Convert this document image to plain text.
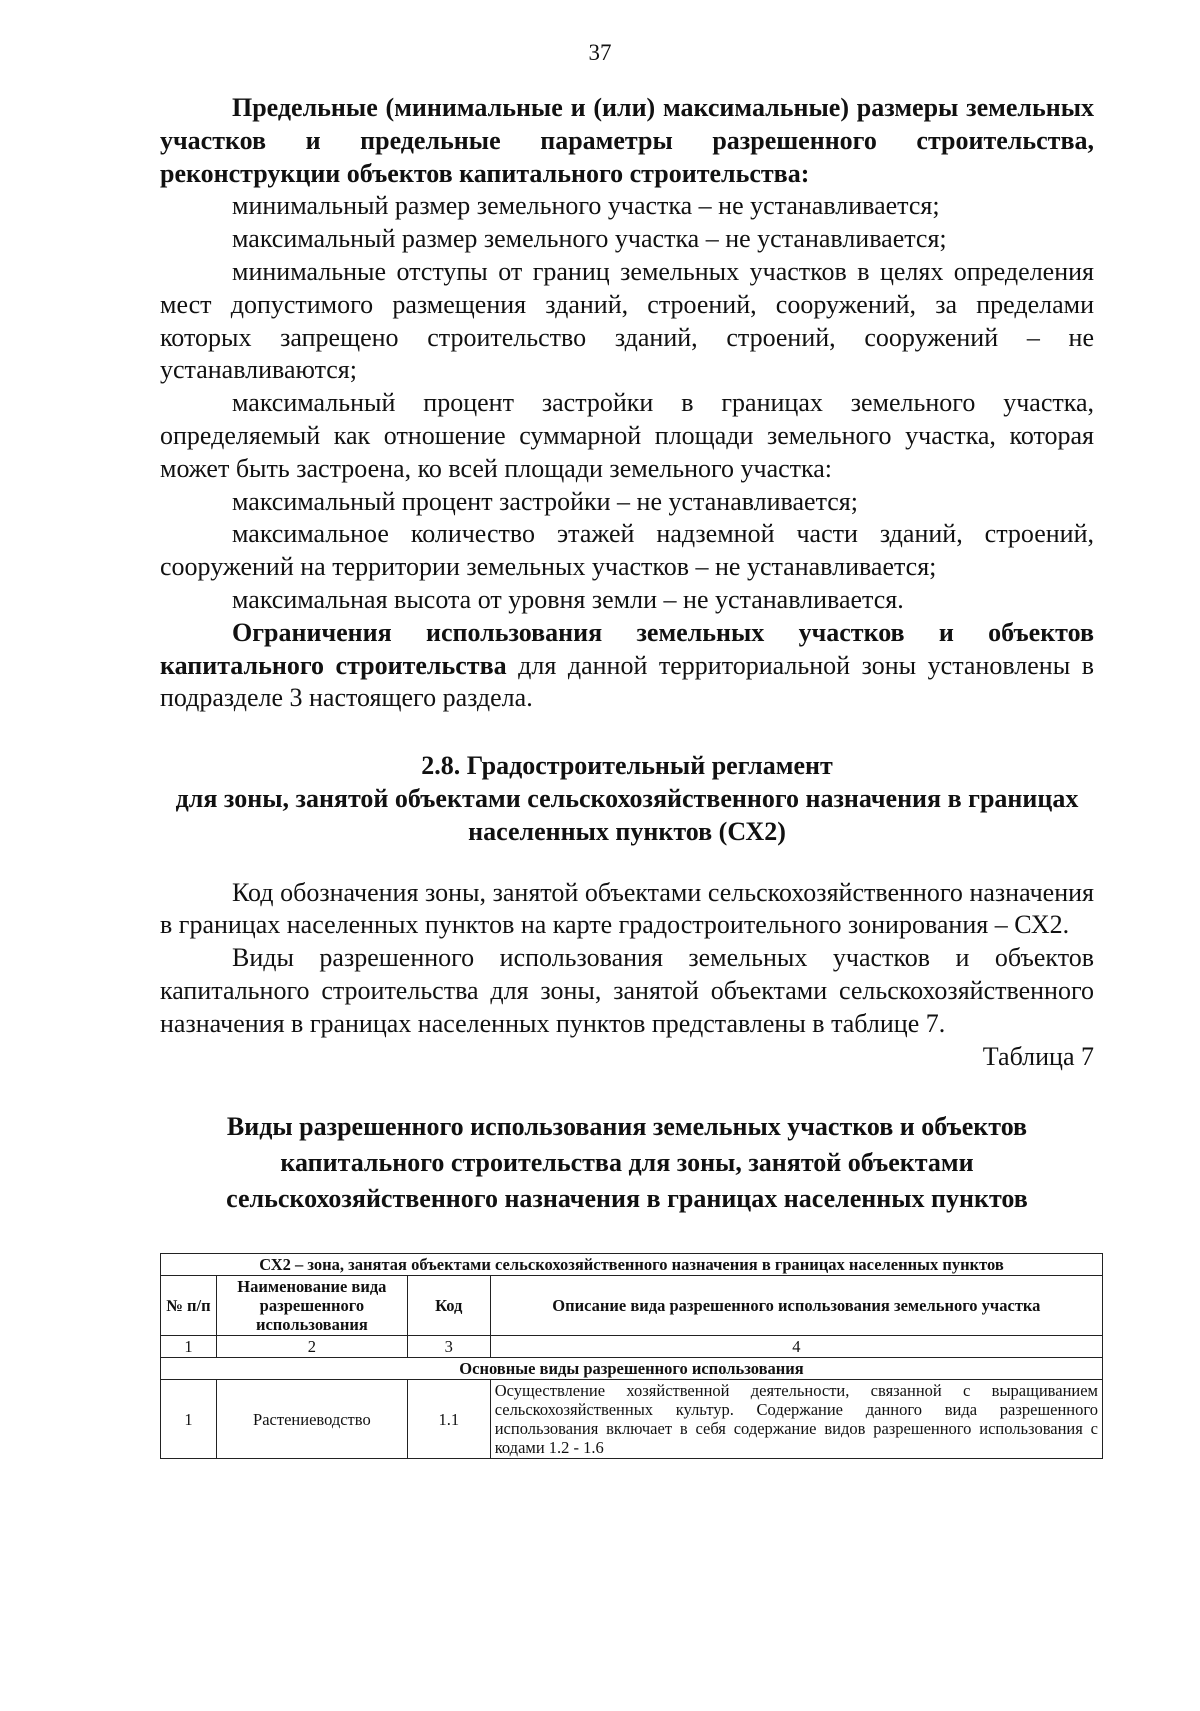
37

Предельные (минимальные и (или) максимальные) размеры земельных участков и предельные параметры разрешенного строительства, реконструкции объектов капитального строительства:

минимальный размер земельного участка – не устанавливается;

максимальный размер земельного участка – не устанавливается;

минимальные отступы от границ земельных участков в целях определения мест допустимого размещения зданий, строений, сооружений, за пределами которых запрещено строительство зданий, строений, сооружений – не устанавливаются;

максимальный процент застройки в границах земельного участка, определяемый как отношение суммарной площади земельного участка, которая может быть застроена, ко всей площади земельного участка:

максимальный процент застройки – не устанавливается;

максимальное количество этажей надземной части зданий, строений, сооружений на территории земельных участков – не устанавливается;

максимальная высота от уровня земли – не устанавливается.

Ограничения использования земельных участков и объектов капитального строительства для данной территориальной зоны установлены в подразделе 3 настоящего раздела.

2.8. Градостроительный регламент
для зоны, занятой объектами сельскохозяйственного назначения в границах населенных пунктов (СХ2)

Код обозначения зоны, занятой объектами сельскохозяйственного назначения в границах населенных пунктов на карте градостроительного зонирования – СХ2.

Виды разрешенного использования земельных участков и объектов капитального строительства для зоны, занятой объектами сельскохозяйственного назначения в границах населенных пунктов представлены в таблице 7.

Таблица 7

Виды разрешенного использования земельных участков и объектов капитального строительства для зоны, занятой объектами сельскохозяйственного назначения в границах населенных пунктов

СХ2 – зона, занятая объектами сельскохозяйственного назначения в границах населенных пунктов			
№ п/п	Наименование вида разрешенного использования	Код	Описание вида разрешенного использования земельного участка
1	2	3	4
Основные виды разрешенного использования			
1	Растениеводство	1.1	Осуществление хозяйственной деятельности, связанной с выращиванием сельскохозяйственных культур. Содержание данного вида разрешенного использования включает в себя содержание видов разрешенного использования с кодами 1.2 - 1.6
